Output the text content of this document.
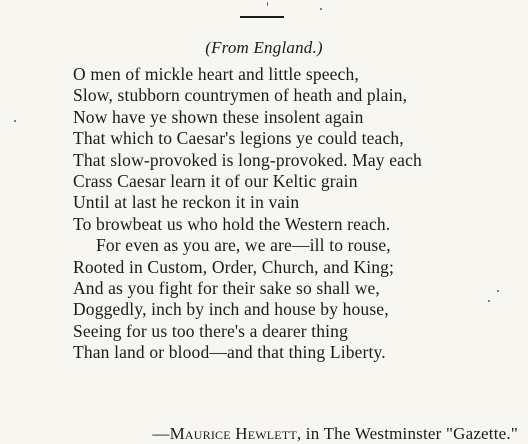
(From England.)
O men of mickle heart and little speech,
Slow, stubborn countrymen of heath and plain,
Now have ye shown these insolent again
That which to Caesar's legions ye could teach,
That slow-provoked is long-provoked. May each
Crass Caesar learn it of our Keltic grain
Until at last he reckon it in vain
To browbeat us who hold the Western reach.
For even as you are, we are—ill to rouse,
Rooted in Custom, Order, Church, and King;
And as you fight for their sake so shall we,
Doggedly, inch by inch and house by house,
Seeing for us too there's a dearer thing
Than land or blood—and that thing Liberty.
—Maurice Hewlett, in The Westminster "Gazette."
